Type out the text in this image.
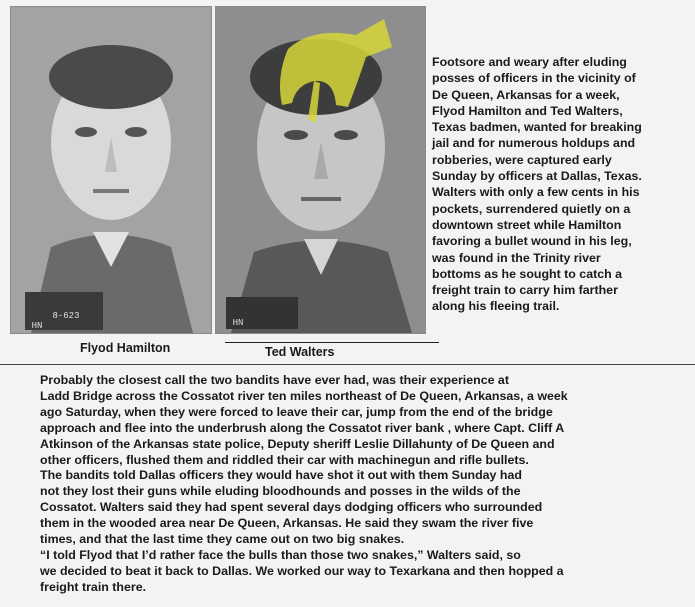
8-623
HN	HN

Footsore and weary after eluding
posses of officers in the vicinity of
De Queen, Arkansas for a week,
Flyod Hamilton and Ted Walters,
Texas badmen, wanted for breaking
jail and for numerous holdups and
robberies, were captured early
Sunday by officers at Dallas, Texas.
Walters with only a few cents in his
pockets, surrendered quietly on a
downtown street while Hamilton
favoring a bullet wound in his leg,
was found in the Trinity river
bottoms as he sought to catch a
freight train to carry him farther
along his fleeing trail.

Flyod Hamilton	Ted Walters

Probably the closest call the two bandits have ever had, was their experience at
Ladd Bridge across the Cossatot river ten miles northeast of De Queen, Arkansas, a week
ago Saturday, when they were forced to leave their car, jump from the end of the bridge
approach and flee into the underbrush along the Cossatot river bank , where Capt. Cliff A
Atkinson of the Arkansas state police, Deputy sheriff Leslie Dillahunty of De Queen and
other officers, flushed them and riddled their car with machinegun and rifle bullets.

The bandits told Dallas officers they would have shot it out with them Sunday had
not they lost their guns while eluding bloodhounds and posses in the wilds of the
Cossatot. Walters said they had spent several days dodging officers who surrounded
them in the wooded area near De Queen, Arkansas. He said they swam the river five
times, and that the last time they came out on two big snakes.

“I told Flyod that I’d rather face the bulls than those two snakes,” Walters said, so
we decided to beat it back to Dallas. We worked our way to Texarkana and then hopped a
freight train there.
